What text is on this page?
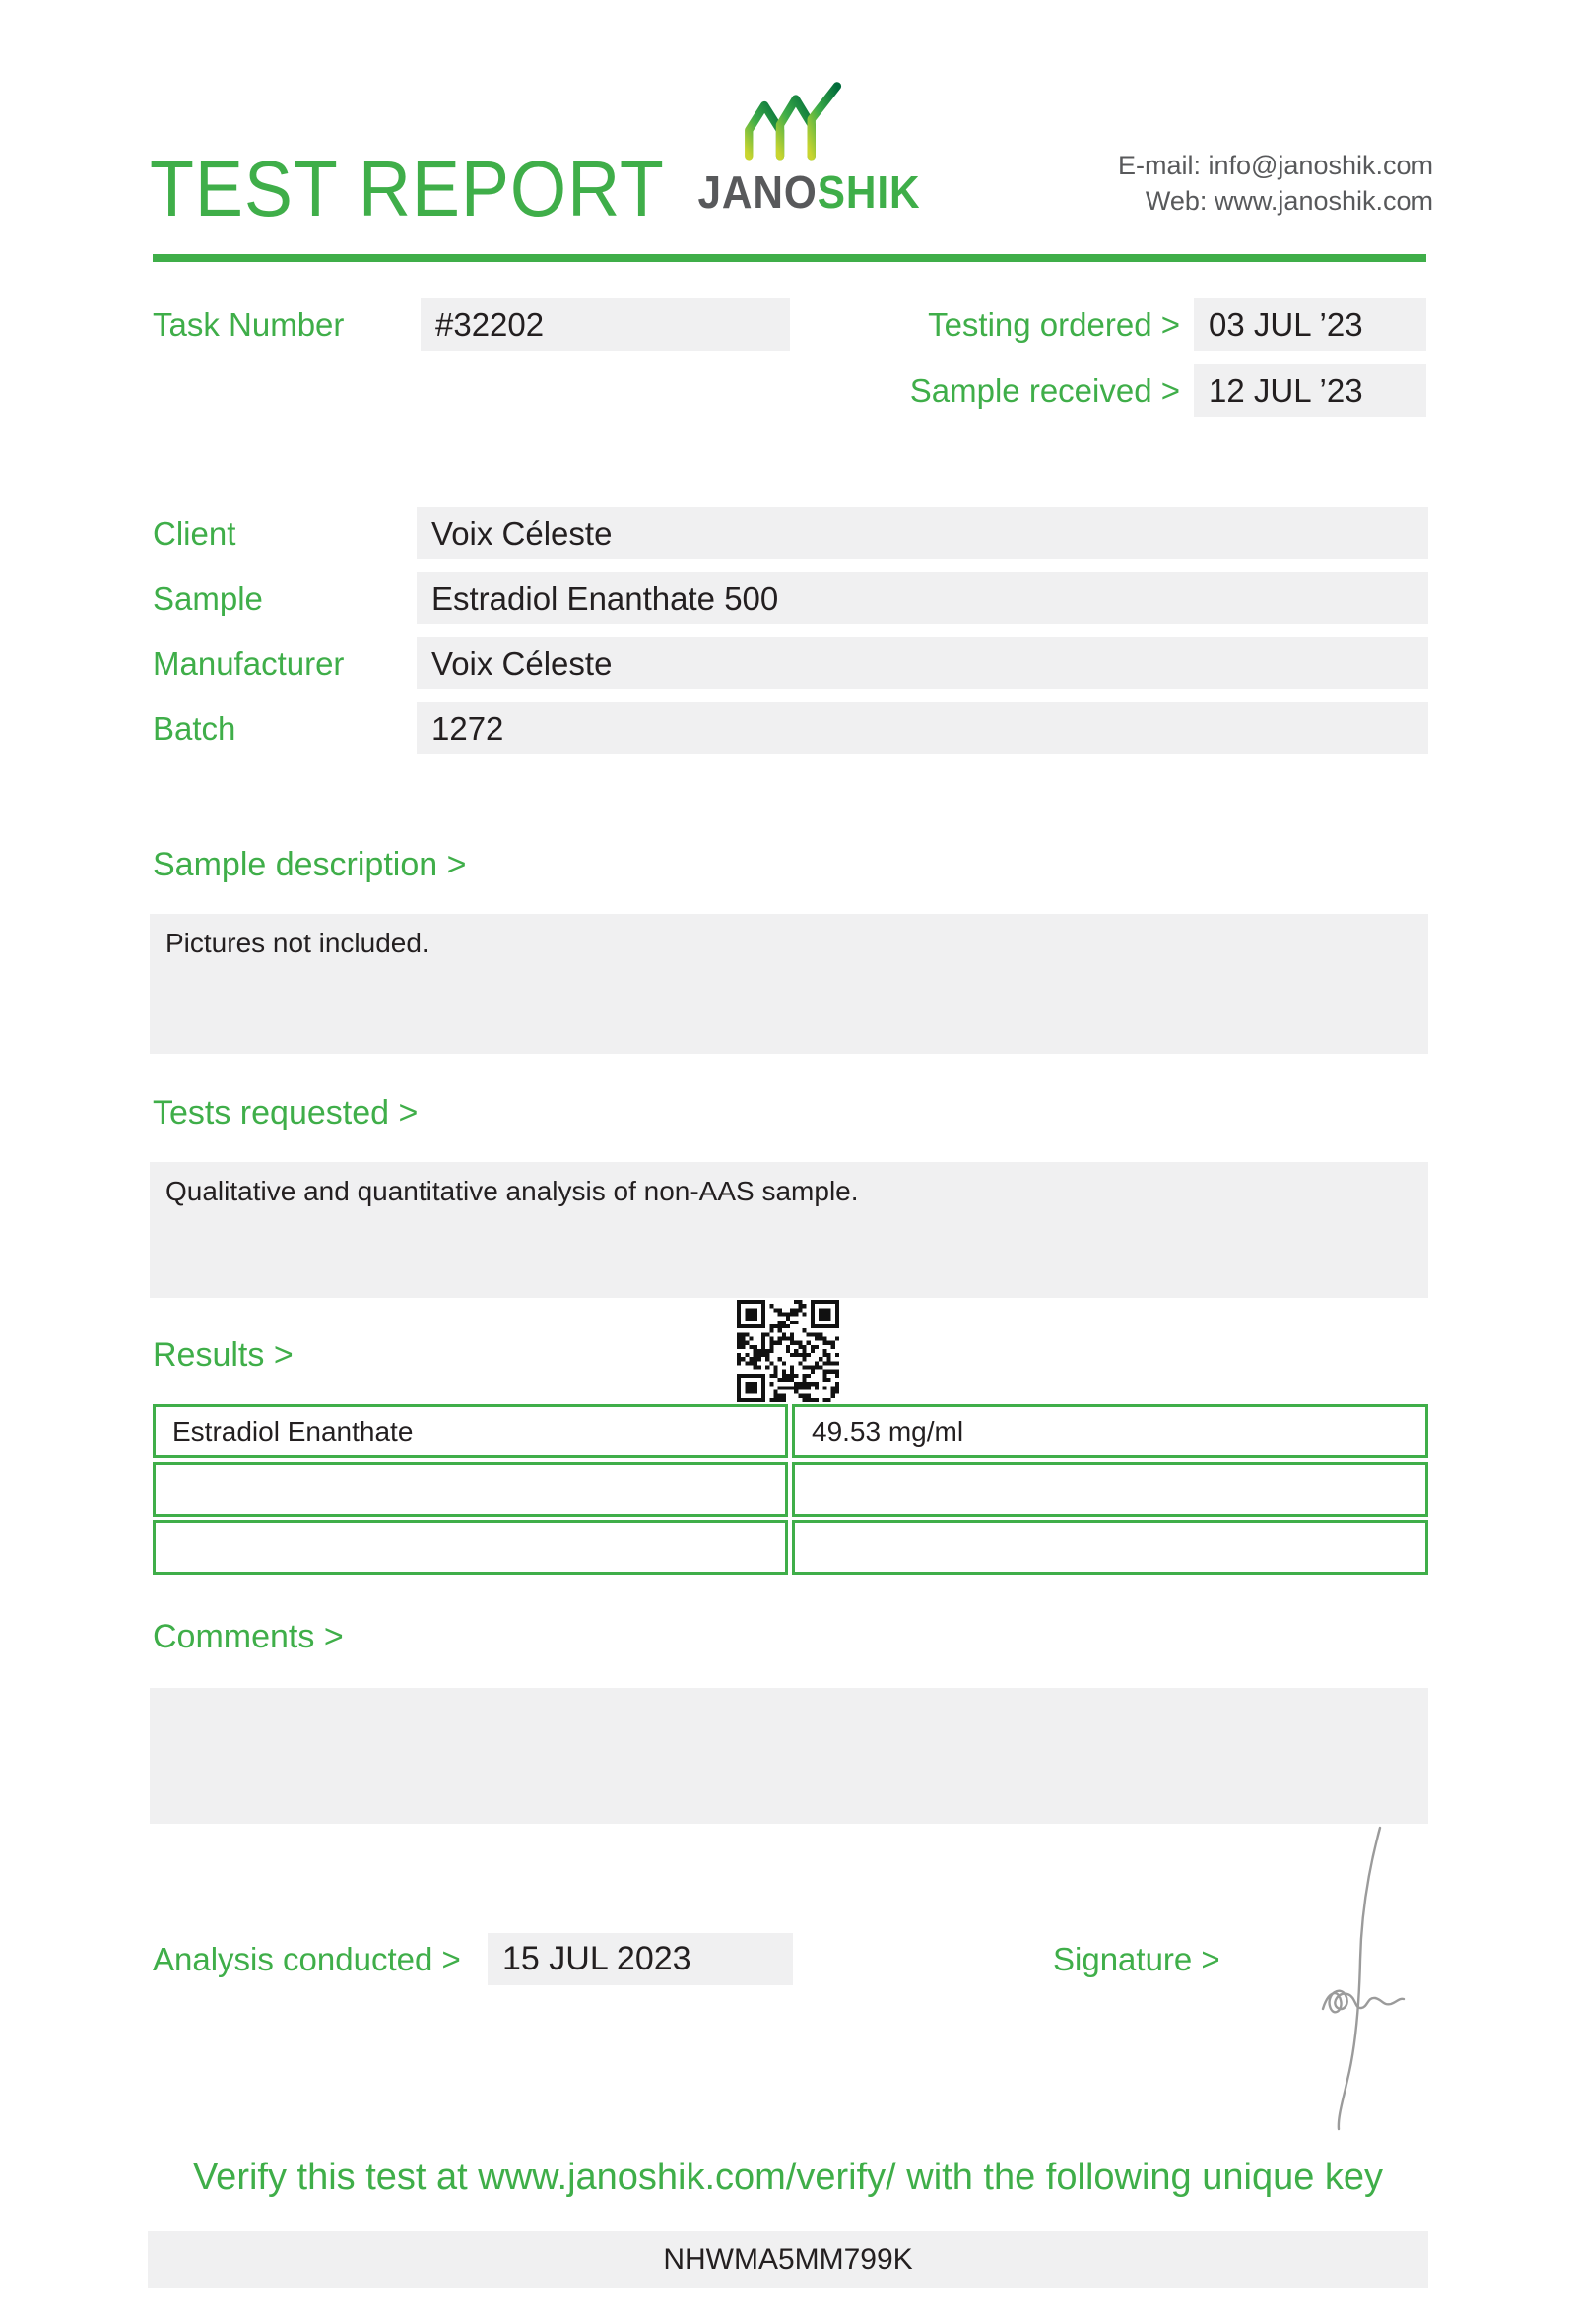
TEST REPORT JANOSHIK
E-mail: info@janoshik.com
Web: www.janoshik.com
Task Number	#32202	Testing ordered > 03 JUL ’23
Sample received > 12 JUL ’23
Client	Voix Céleste
Sample	Estradiol Enanthate 500
Manufacturer	Voix Céleste
Batch	1272
Sample description >
Pictures not included.
Tests requested >
Qualitative and quantitative analysis of non-AAS sample.
Results >
Estradiol Enanthate	49.53 mg/ml
Comments >
Analysis conducted >	15 JUL 2023	Signature >
Verify this test at www.janoshik.com/verify/ with the following unique key
NHWMA5MM799K
